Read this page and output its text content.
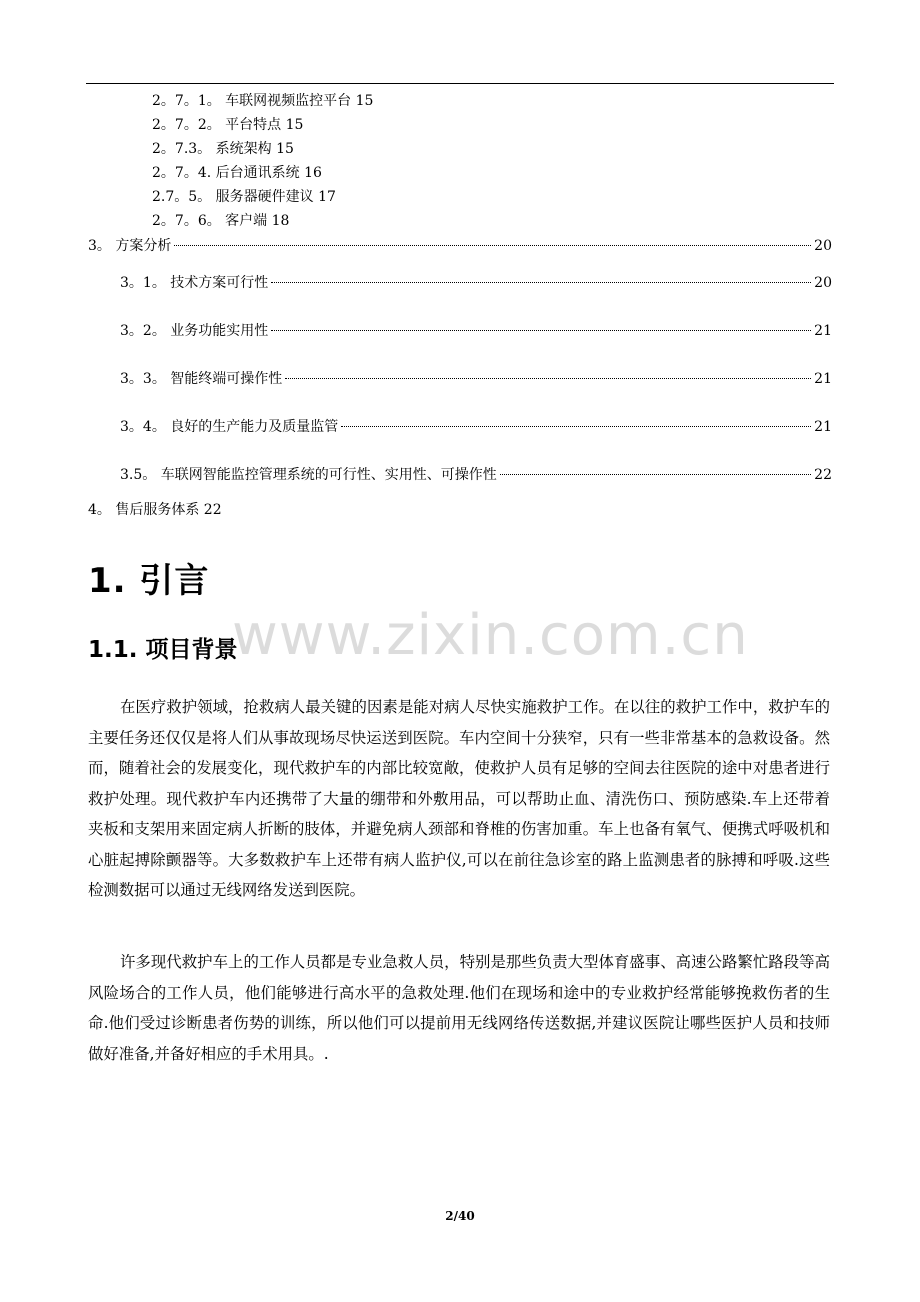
2。7。1。 车联网视频监控平台 15
2。7。2。 平台特点 15
2。7.3。 系统架构 15
2。7。4. 后台通讯系统 16
2.7。5。 服务器硬件建议 17
2。7。6。 客户端 18
3。 方案分析	20
3。1。 技术方案可行性	20
3。2。 业务功能实用性	21
3。3。 智能终端可操作性	21
3。4。 良好的生产能力及质量监管	21
3.5。 车联网智能监控管理系统的可行性、实用性、可操作性	22
4。 售后服务体系 22
1. 引言
www.zixin.com.cn
1.1. 项目背景

在医疗救护领域，抢救病人最关键的因素是能对病人尽快实施救护工作。在以往的救护工作中，救护车的主要任务还仅仅是将人们从事故现场尽快运送到医院。车内空间十分狭窄，只有一些非常基本的急救设备。然而，随着社会的发展变化，现代救护车的内部比较宽敞，使救护人员有足够的空间去往医院的途中对患者进行救护处理。现代救护车内还携带了大量的绷带和外敷用品，可以帮助止血、清洗伤口、预防感染.车上还带着夹板和支架用来固定病人折断的肢体，并避免病人颈部和脊椎的伤害加重。车上也备有氧气、便携式呼吸机和心脏起搏除颤器等。大多数救护车上还带有病人监护仪,可以在前往急诊室的路上监测患者的脉搏和呼吸.这些检测数据可以通过无线网络发送到医院。

许多现代救护车上的工作人员都是专业急救人员，特别是那些负责大型体育盛事、高速公路繁忙路段等高风险场合的工作人员，他们能够进行高水平的急救处理.他们在现场和途中的专业救护经常能够挽救伤者的生命.他们受过诊断患者伤势的训练，所以他们可以提前用无线网络传送数据,并建议医院让哪些医护人员和技师做好准备,并备好相应的手术用具。.

2/40
